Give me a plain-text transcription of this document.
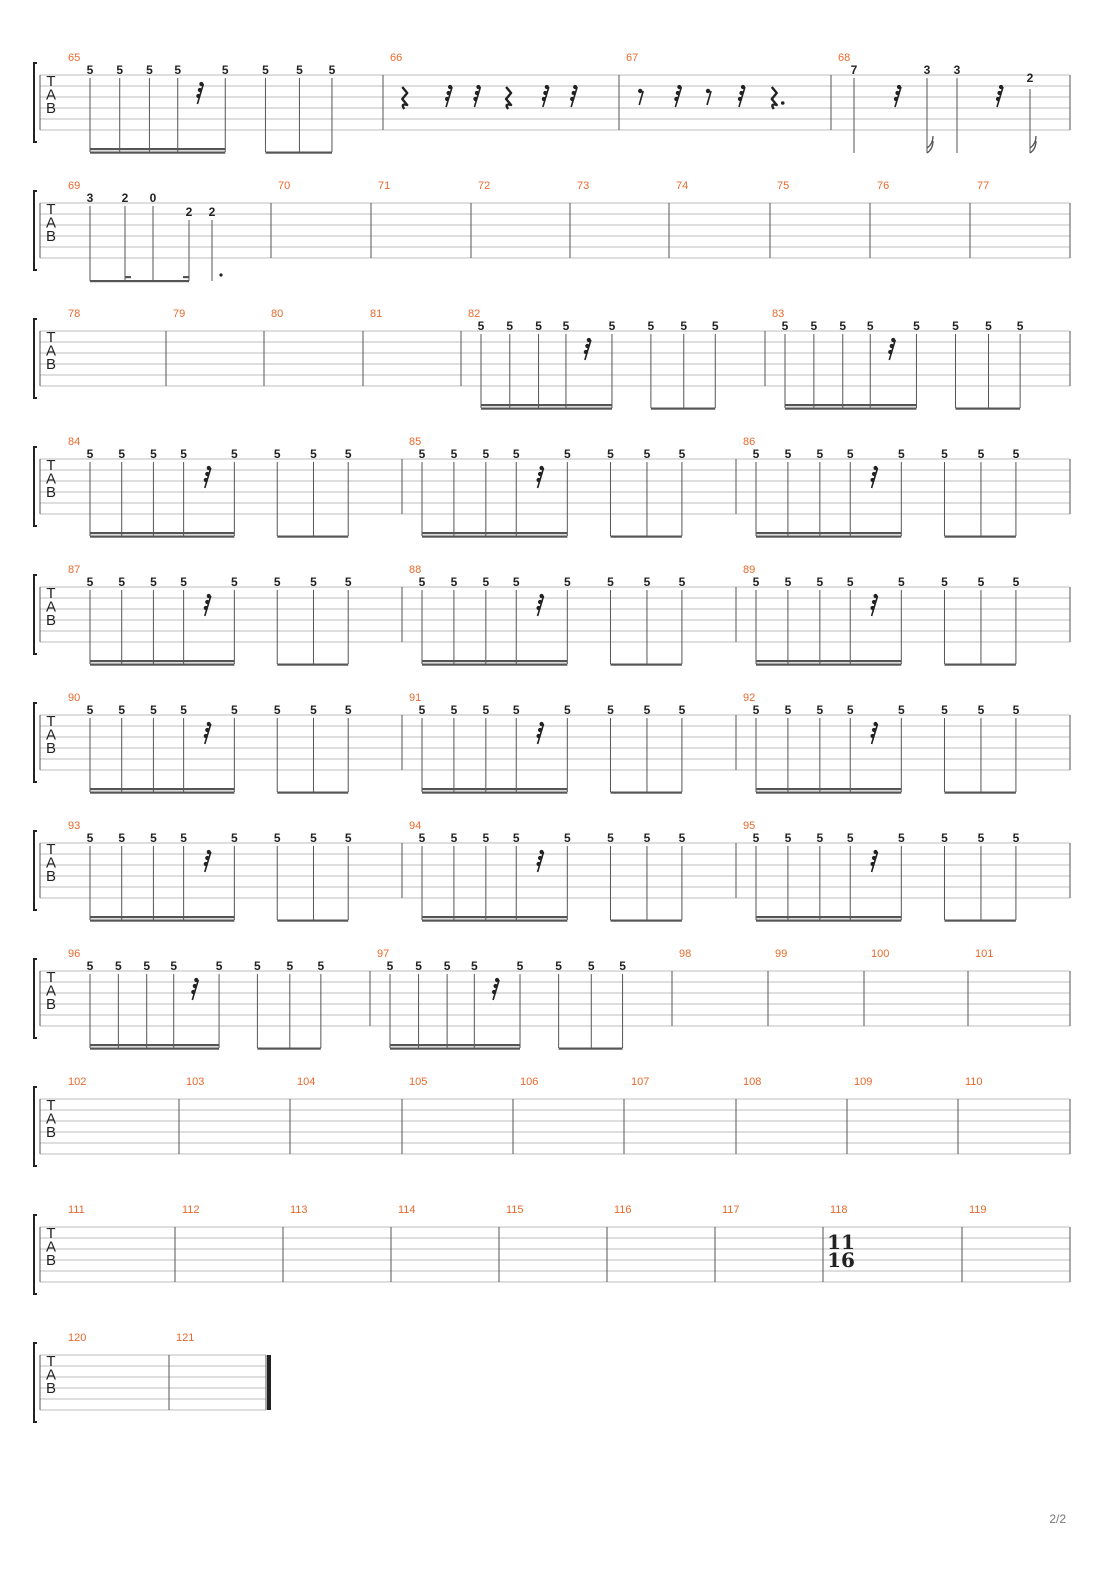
T
A
B
65
5 5 5 5	5	5 5 5
66	67	68
7	3 3
2
T
A
B
69
3 2 0
2 2
70	71	72	73	74	75	76	77
T
A
B
78	79	80	81	82
5 5 5 5	5	5 5 5
83
5 5 5 5	5	5 5 5
T
A
B
84
5 5 5 5	5	5 5 5
85
5 5 5 5	5	5 5 5
86
5 5 5 5	5	5 5 5
T
A
B
87
5 5 5 5	5	5 5 5
88
5 5 5 5	5	5 5 5
89
5 5 5 5	5	5 5 5
T
A
B
90
5 5 5 5	5	5 5 5
91
5 5 5 5	5	5 5 5
92
5 5 5 5	5	5 5 5
T
A
B
93
5 5 5 5	5	5 5 5
94
5 5 5 5	5	5 5 5
95
5 5 5 5	5	5 5 5
T
A
B
96
5 5 5 5	5	5 5 5
97
5 5 5 5	5	5 5 5
98	99	100	101
T
A
B
102	103	104	105	106	107	108	109	110
T
A
B
111	112	113	114	115	116	117	118
11
16
119
T
A
B
120	121
2/2
